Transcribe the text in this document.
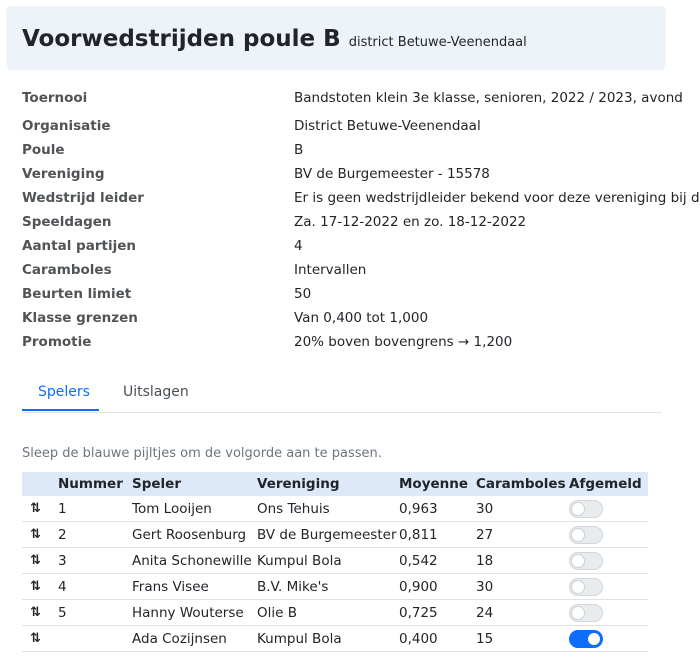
Voorwedstrijden poule B district Betuwe-Veenendaal
Toernooi	Bandstoten klein 3e klasse, senioren, 2022 / 2023, avond
Organisatie	District Betuwe-Veenendaal
Poule	B
Vereniging	BV de Burgemeester - 15578
Wedstrijd leider	Er is geen wedstrijdleider bekend voor deze vereniging bij d
Speeldagen	Za. 17-12-2022 en zo. 18-12-2022
Aantal partijen	4
Caramboles	Intervallen
Beurten limiet	50
Klasse grenzen	Van 0,400 tot 1,000
Promotie	20% boven bovengrens → 1,200
Spelers Uitslagen
Sleep de blauwe pijltjes om de volgorde aan te passen.
	Nummer	Speler	Vereniging	Moyenne	Caramboles	Afgemeld
⇅	1	Tom Looijen	Ons Tehuis	0,963	30	

⇅	2	Gert Roosenburg	BV de Burgemeester	0,811	27	

⇅	3	Anita Schonewille	Kumpul Bola	0,542	18	

⇅	4	Frans Visee	B.V. Mike's	0,900	30	

⇅	5	Hanny Wouterse	Olie B	0,725	24	

⇅		Ada Cozijnsen	Kumpul Bola	0,400	15	
